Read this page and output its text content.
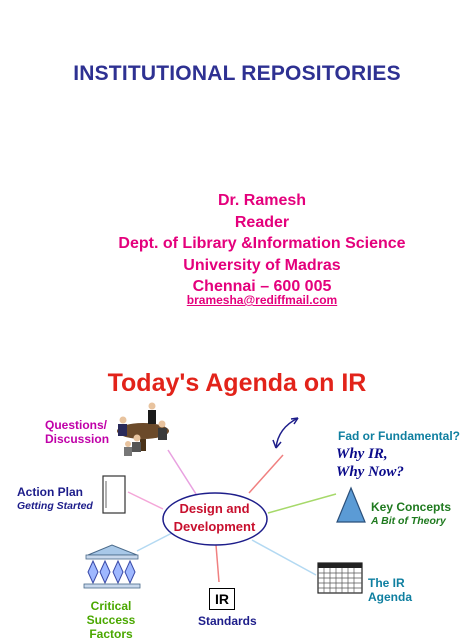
INSTITUTIONAL REPOSITORIES
Dr. Ramesh
Reader
Dept. of Library &Information Science
University of Madras
Chennai – 600 005
bramesha@rediffmail.com
Today's Agenda on IR
Design and
Development
Questions/
Discussion	Fad or Fundamental?
Why IR,
Why Now?
Action Plan
Getting Started	Key Concepts
A Bit of Theory
Critical
Success
Factors
IR
Standards
The IR
Agenda
